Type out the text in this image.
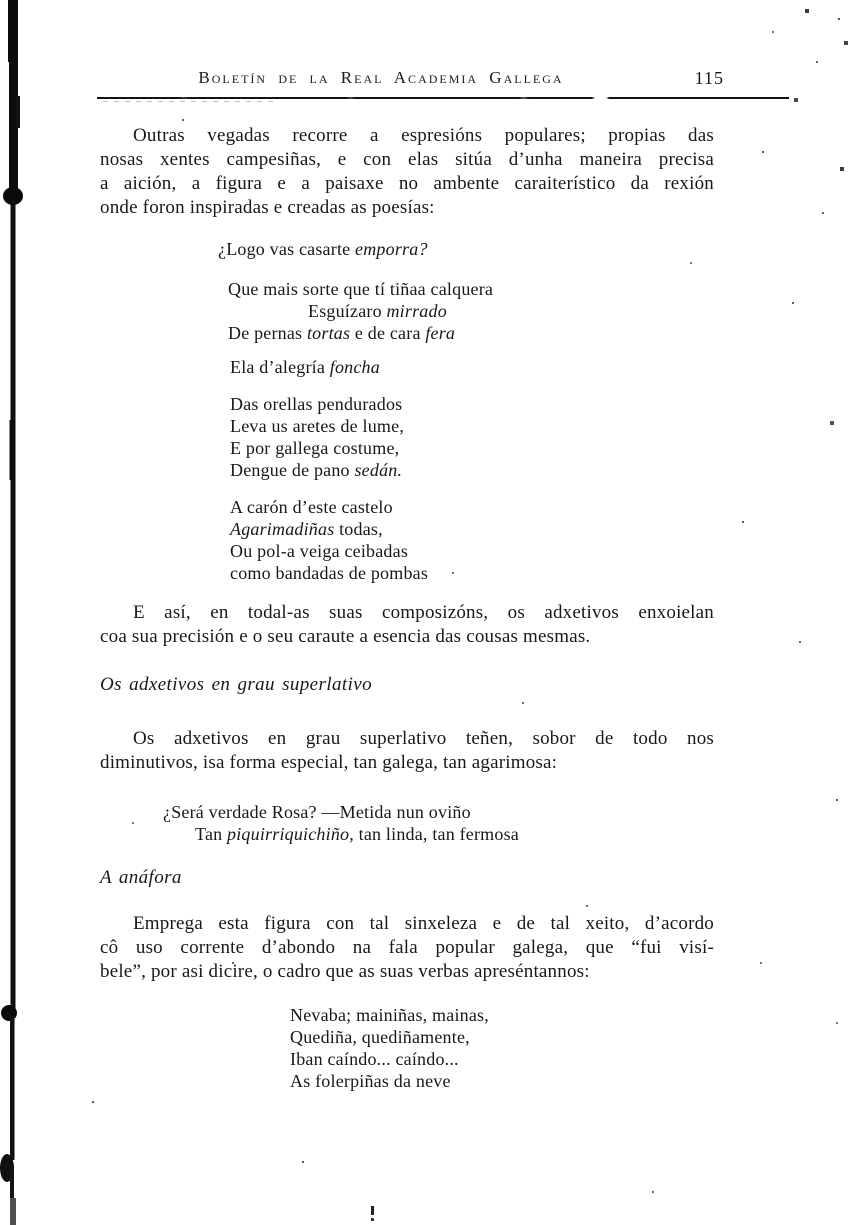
Boletín de la Real Academia Gallega	115
Outras vegadas recorre a espresións populares; propias das
nosas xentes campesiñas, e con elas sitúa d’unha maneira precisa
a aición, a figura e a paisaxe no ambente caraiterístico da rexión
onde foron inspiradas e creadas as poesías:
¿Logo vas casarte emporra?
Que mais sorte que tí tiñaa calquera
Esguízaro mirrado
De pernas tortas e de cara fera
Ela d’alegría foncha
Das orellas pendurados
Leva us aretes de lume,
E por gallega costume,
Dengue de pano sedán.
A carón d’este castelo
Agarimadiñas todas,
Ou pol-a veiga ceibadas
como bandadas de pombas
E así, en todal-as suas composizóns, os adxetivos enxoielan
coa sua precisión e o seu caraute a esencia das cousas mesmas.
Os adxetivos en grau superlativo
Os adxetivos en grau superlativo teñen, sobor de todo nos
diminutivos, isa forma especial, tan galega, tan agarimosa:
¿Será verdade Rosa? —Metida nun oviño
Tan piquirriquichiño, tan linda, tan fermosa
A anáfora
Emprega esta figura con tal sinxeleza e de tal xeito, d’acordo
cô uso corrente d’abondo na fala popular galega, que “fui visí-
bele”, por asi dicire, o cadro que as suas verbas apreséntannos:
Nevaba; mainiñas, mainas,
Quediña, quediñamente,
Iban caíndo... caíndo...
As folerpiñas da neve
